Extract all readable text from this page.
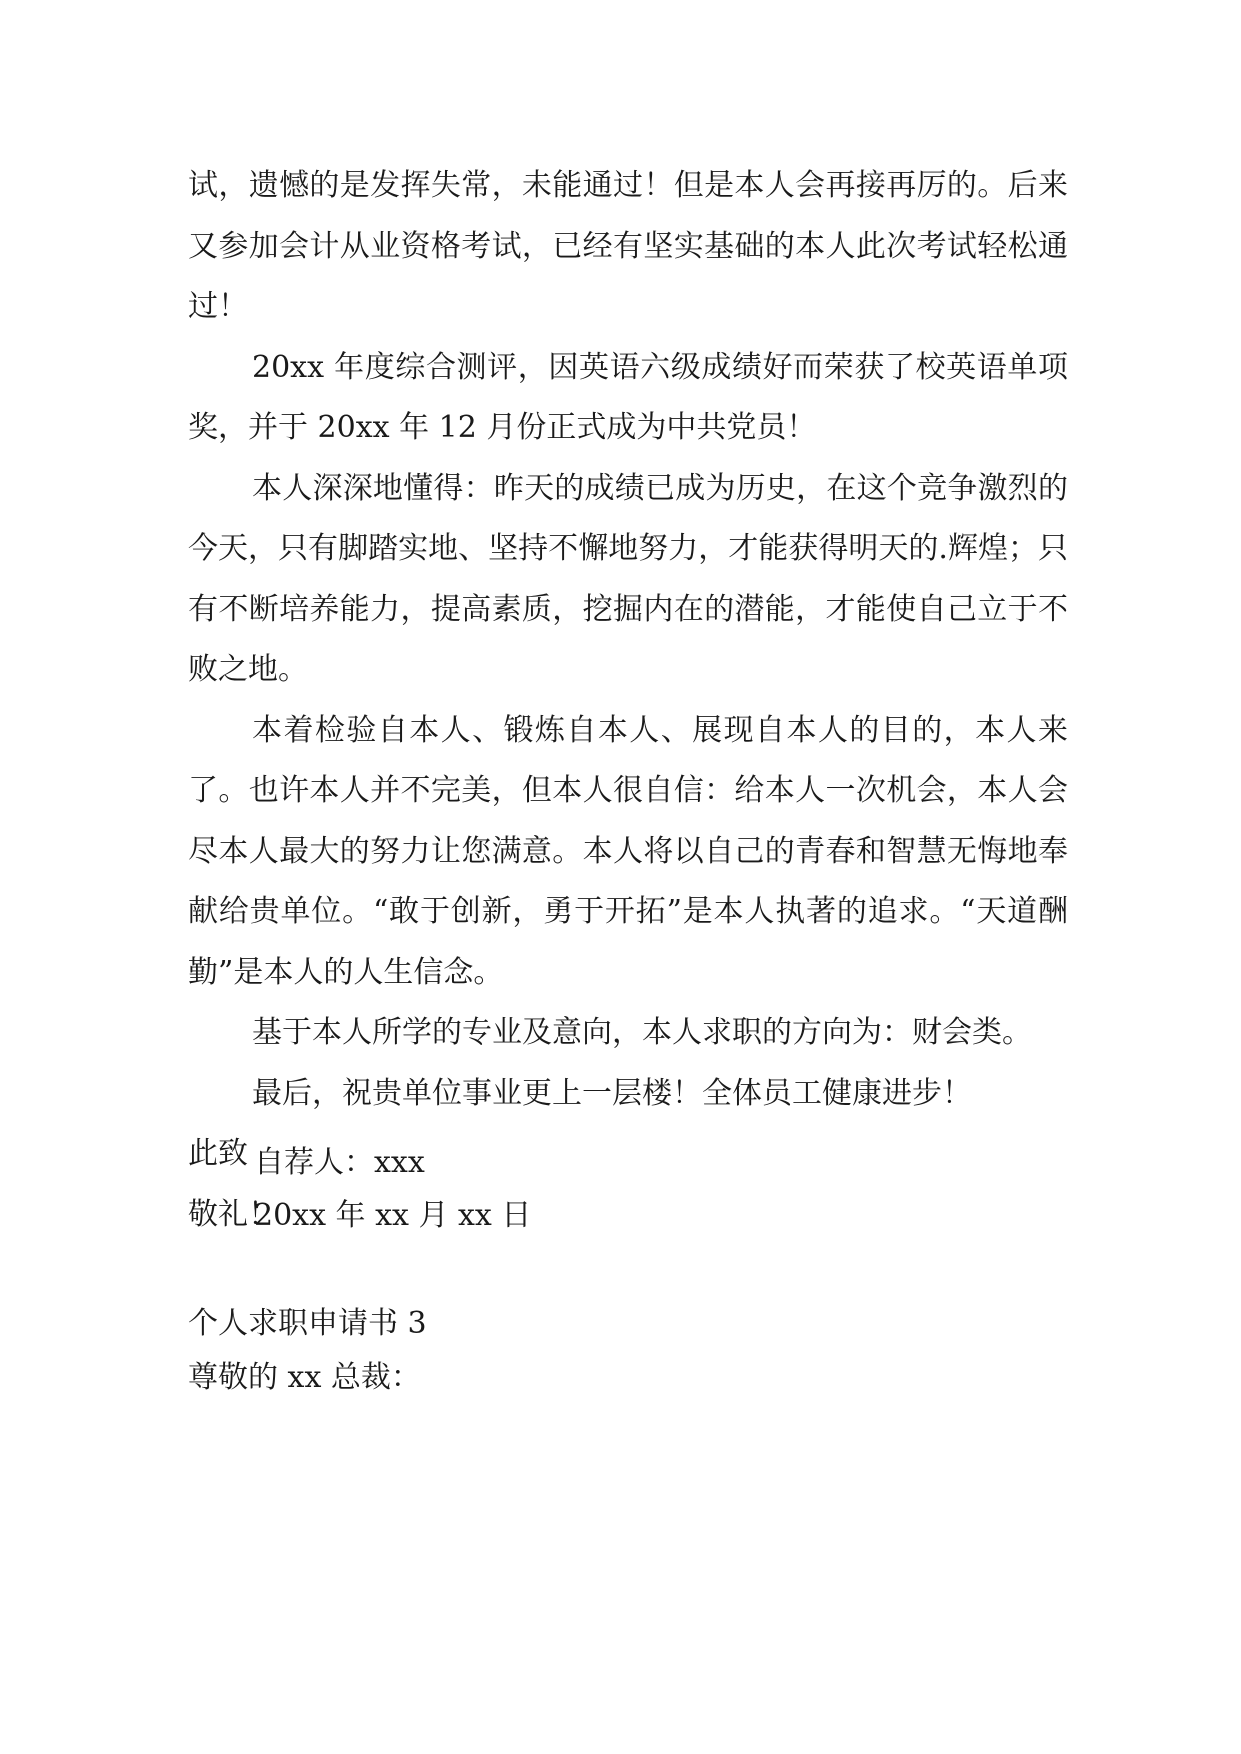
试，遗憾的是发挥失常，未能通过！但是本人会再接再厉的。后来又参加会计从业资格考试，已经有坚实基础的本人此次考试轻松通过！

20xx 年度综合测评，因英语六级成绩好而荣获了校英语单项奖，并于 20xx 年 12 月份正式成为中共党员！

本人深深地懂得：昨天的成绩已成为历史，在这个竞争激烈的今天，只有脚踏实地、坚持不懈地努力，才能获得明天的.辉煌；只有不断培养能力，提高素质，挖掘内在的潜能，才能使自己立于不败之地。

本着检验自本人、锻炼自本人、展现自本人的目的，本人来了。也许本人并不完美，但本人很自信：给本人一次机会，本人会尽本人最大的努力让您满意。本人将以自己的青春和智慧无悔地奉献给贵单位。“敢于创新，勇于开拓”是本人执著的追求。“天道酬勤”是本人的人生信念。

基于本人所学的专业及意向，本人求职的方向为：财会类。

最后，祝贵单位事业更上一层楼！全体员工健康进步！

此致

敬礼！

自荐人：xxx
20xx 年 xx 月 xx 日
个人求职申请书 3
尊敬的 xx 总裁：
